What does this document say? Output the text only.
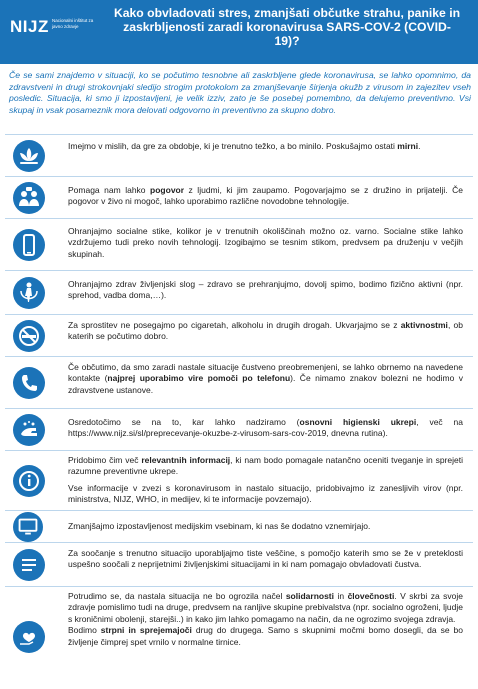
NIJZ Nacionalni inštitut za javno zdravje
Kako obvladovati stres, zmanjšati občutke strahu, panike in zaskrbljenosti zaradi koronavirusa SARS-COV-2 (COVID-19)?
Če se sami znajdemo v situaciji, ko se počutimo tesnobne ali zaskrbljene glede koronavirusa, se lahko opomnimo, da zdravstveni in drugi strokovnjaki sledijo strogim protokolom za zmanjševanje širjenja okužb z virusom in zajezitev vseh posledic. Situacija, ki smo ji izpostavljeni, je velik izziv, zato je še posebej pomembno, da delujemo preventivno. Vsi skupaj in vsak posameznik mora delovati odgovorno in preventivno za skupno dobro.

Imejmo v mislih, da gre za obdobje, ki je trenutno težko, a bo minilo. Poskušajmo ostati mirni.

Pomaga nam lahko pogovor z ljudmi, ki jim zaupamo. Pogovarjajmo se z družino in prijatelji. Če pogovor v živo ni mogoč, lahko uporabimo različne novodobne tehnologije.

Ohranjajmo socialne stike, kolikor je v trenutnih okoliščinah možno oz. varno. Socialne stike lahko vzdržujemo tudi preko novih tehnologij. Izogibajmo se tesnim stikom, predvsem pa druženju v večjih skupinah.

Ohranjajmo zdrav življenjski slog – zdravo se prehranjujmo, dovolj spimo, bodimo fizično aktivni (npr. sprehod, vadba doma,…).

Za sprostitev ne posegajmo po cigaretah, alkoholu in drugih drogah. Ukvarjajmo se z aktivnostmi, ob katerih se počutimo dobro.

Če občutimo, da smo zaradi nastale situacije čustveno preobremenjeni, se lahko obrnemo na navedene kontakte (najprej uporabimo vire pomoči po telefonu). Če nimamo znakov bolezni ne hodimo v zdravstvene ustanove.

Osredotočimo se na to, kar lahko nadziramo (osnovni higienski ukrepi, več na https://www.nijz.si/sl/preprecevanje-okuzbe-z-virusom-sars-cov-2019, dnevna rutina).

Pridobimo čim več relevantnih informacij, ki nam bodo pomagale natančno oceniti tveganje in sprejeti razumne preventivne ukrepe.

Vse informacije v zvezi s koronavirusom in nastalo situacijo, pridobivajmo iz zanesljivih virov (npr. ministrstva, NIJZ, WHO, in medijev, ki te informacije povzemajo).

Zmanjšajmo izpostavljenost medijskim vsebinam, ki nas še dodatno vznemirjajo.

Za soočanje s trenutno situacijo uporabljajmo tiste veščine, s pomočjo katerih smo se že v preteklosti uspešno soočali z neprijetnimi življenjskimi situacijami in ki nam pomagajo obvladovati čustva.

Potrudimo se, da nastala situacija ne bo ogrozila načel solidarnosti in človečnosti. V skrbi za svoje zdravje pomislimo tudi na druge, predvsem na ranljive skupine prebivalstva (npr. socialno ogroženi, ljudje s kroničnimi obolenji, starejši..) in kako jim lahko pomagamo na način, da ne ogrozimo svojega zdravja.

Bodimo strpni in sprejemajoči drug do drugega. Samo s skupnimi močmi bomo dosegli, da se bo življenje čimprej spet vrnilo v normalne tirnice.
